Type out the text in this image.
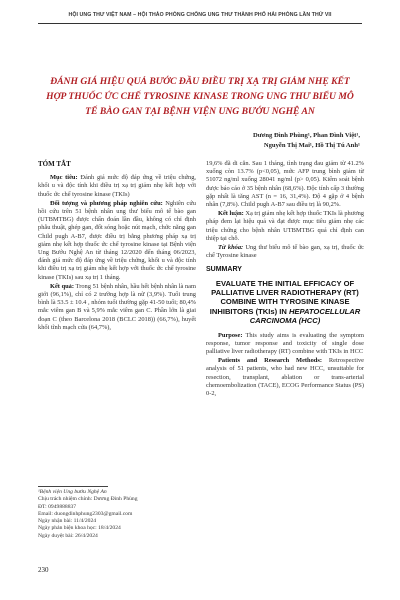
HỘI UNG THƯ VIỆT NAM – HỘI THẢO PHÒNG CHỐNG UNG THƯ THÀNH PHỐ HẢI PHÒNG LẦN THỨ VII
ĐÁNH GIÁ HIỆU QUẢ BƯỚC ĐẦU ĐIỀU TRỊ XẠ TRỊ GIẢM NHẸ KẾT HỢP THUỐC ỨC CHẾ TYROSINE KINASE TRONG UNG THƯ BIỂU MÔ TẾ BÀO GAN TẠI BỆNH VIỆN UNG BƯỚU NGHỆ AN
Dương Đình Phùng¹, Phan Đình Việt¹,
Nguyễn Thị Mai¹, Hồ Thị Tú Anh¹
TÓM TẮT

Mục tiêu: Đánh giá mức độ đáp ứng về triệu chứng, khối u và độc tính khi điều trị xạ trị giảm nhẹ kết hợp với thuốc ức chế tyrosine kinase (TKIs)

Đối tượng và phương pháp nghiên cứu: Nghiên cứu hồi cứu trên 51 bệnh nhân ung thư biểu mô tế bào gan (UTBMTBG) được chẩn đoán lần đầu, không có chỉ định phẫu thuật, ghép gan, đốt sóng hoặc nút mạch, chức năng gan Child pugh A-B7, được điều trị bằng phương pháp xạ trị giảm nhẹ kết hợp thuốc ức chế tyrosine kinase tại Bệnh viện Ung Bướu Nghệ An từ tháng 12/2020 đến tháng 06/2023, đánh giá mức độ đáp ứng về triệu chứng, khối u và độc tính khi điều trị xạ trị giảm nhẹ kết hợp với thuốc ức chế tyrosine kinase (TKIs) sau xạ trị 1 tháng.

Kết quả: Trong 51 bệnh nhân, hầu hết bệnh nhân là nam giới (96,1%), chỉ có 2 trường hợp là nữ (3,9%). Tuổi trung bình là 53.5 ± 10.4 , nhóm tuổi thường gặp 41-50 tuổi; 80,4% mắc viêm gan B và 5,9% mắc viêm gan C. Phần lớn là giai đoạn C (theo Barcelona 2018 (BCLC 2018)) (66,7%), huyết khối tĩnh mạch cửa (64,7%),

¹Bệnh viện Ung bướu Nghệ An
Chịu trách nhiệm chính: Dương Đình Phùng
ĐT: 0949888837
Email: duongdinhphung2303@gmail.com
Ngày nhận bài: 11/4/2024
Ngày phản biện khoa học: 18/4/2024
Ngày duyệt bài: 26/4/2024

19,6% đã di căn. Sau 1 tháng, tình trạng đau giảm từ 41.2% xuống còn 13.7% (p<0,05), mức AFP trung bình giảm từ 51072 ng/ml xuống 28041 ng/ml (p> 0,05). Kiểm soát bệnh được báo cáo ở 35 bệnh nhân (68,6%). Độc tính cấp 3 thường gặp nhất là tăng AST (n = 16, 31,4%). Độ 4 gặp ở 4 bệnh nhân (7,8%). Child pugh A-B7 sau điều trị là 90,2%.

Kết luận: Xạ trị giảm nhẹ kết hợp thuốc TKIs là phương pháp đem lại hiệu quả và đạt được mục tiêu giảm nhẹ các triệu chứng cho bệnh nhân UTBMTBG quá chỉ định can thiệp tại chỗ.

Từ khóa: Ung thư biểu mô tế bào gan, xạ trị, thuốc ức chế Tyrosine kinase

SUMMARY
EVALUATE THE INITIAL EFFICACY OF PALLIATIVE LIVER RADIOTHERAPY (RT) COMBINE WITH TYROSINE KINASE INHIBITORS (TKIs) IN HEPATOCELLULAR CARCINOMA (HCC)

Purpose: This study aims is evaluating the symptom response, tumor response and toxicity of single dose palliative liver radiotherapy (RT) combine with TKIs in HCC

Patients and Research Methods: Retrospective analysis of 51 patients, who had new HCC, unsuitable for resection, transplant, ablation or trans-arterial chemoembolization (TACE), ECOG Performance Status (PS) 0-2,

230
